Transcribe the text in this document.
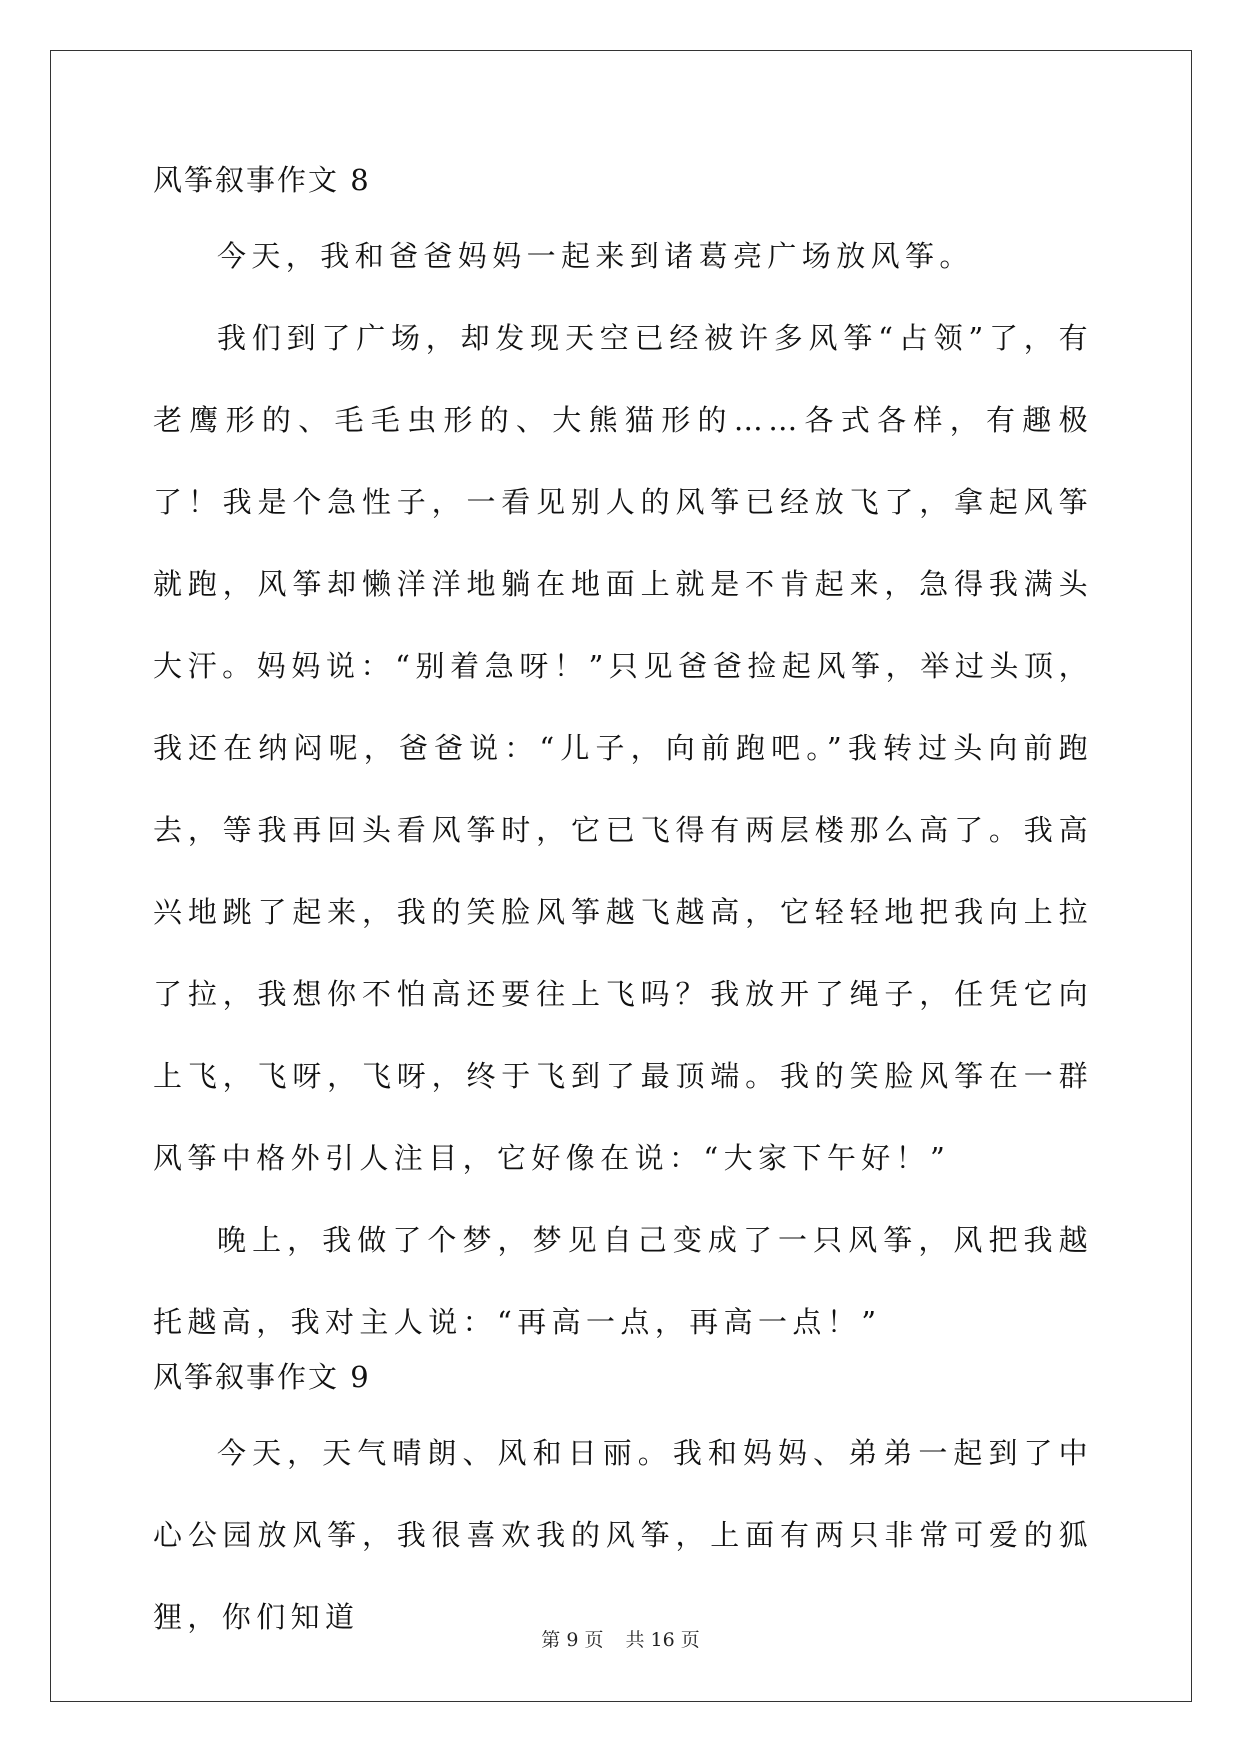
风筝叙事作文 8

今天，我和爸爸妈妈一起来到诸葛亮广场放风筝。

我们到了广场，却发现天空已经被许多风筝“占领”了，有老鹰形的、毛毛虫形的、大熊猫形的……各式各样，有趣极了！我是个急性子，一看见别人的风筝已经放飞了，拿起风筝就跑，风筝却懒洋洋地躺在地面上就是不肯起来，急得我满头大汗。妈妈说：“别着急呀！”只见爸爸捡起风筝，举过头顶，我还在纳闷呢，爸爸说：“儿子，向前跑吧。”我转过头向前跑去，等我再回头看风筝时，它已飞得有两层楼那么高了。我高兴地跳了起来，我的笑脸风筝越飞越高，它轻轻地把我向上拉了拉，我想你不怕高还要往上飞吗？我放开了绳子，任凭它向上飞，飞呀，飞呀，终于飞到了最顶端。我的笑脸风筝在一群风筝中格外引人注目，它好像在说：“大家下午好！”

晚上，我做了个梦，梦见自己变成了一只风筝，风把我越托越高，我对主人说：“再高一点，再高一点！”

风筝叙事作文 9

今天，天气晴朗、风和日丽。我和妈妈、弟弟一起到了中心公园放风筝，我很喜欢我的风筝，上面有两只非常可爱的狐狸，你们知道

第 9 页 共 16 页
